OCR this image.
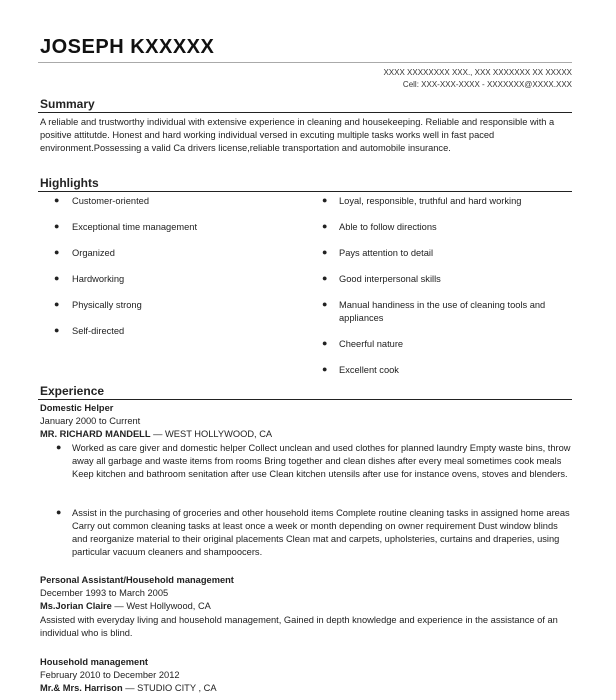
JOSEPH KXXXXX
XXXX XXXXXXXX XXX., XXX XXXXXXX XX XXXXX
Cell: XXX-XXX-XXXX - XXXXXXX@XXXX.XXX
Summary
A reliable and trustworthy individual with extensive experience in cleaning and housekeeping. Reliable and responsible with a positive attitutde. Honest and hard working individual versed in excuting multiple tasks works well in fast paced environment.Possessing a valid Ca drivers license,reliable transportation and automobile insurance.
Highlights
● Customer-oriented
● Exceptional time management
● Organized
● Hardworking
● Physically strong
● Self-directed
● Loyal, responsible, truthful and hard working
● Able to follow directions
● Pays attention to detail
● Good interpersonal skills
● Manual handiness in the use of cleaning tools and appliances
● Cheerful nature
● Excellent cook
Experience
Domestic Helper
January 2000 to Current
MR. RICHARD MANDELL — WEST HOLLYWOOD, CA
● Worked as care giver and domestic helper Collect unclean and used clothes for planned laundry Empty waste bins, throw away all garbage and waste items from rooms Bring together and clean dishes after every meal sometimes cook meals Keep kitchen and bathroom senitation after use Clean kitchen utensils after use for instance ovens, stoves and blenders.
● Assist in the purchasing of groceries and other household items Complete routine cleaning tasks in assigned home areas Carry out common cleaning tasks at least once a week or month depending on owner requirement Dust window blinds and reorganize material to their original placements Clean mat and carpets, upholsteries, curtains and draperies, using particular vacuum cleaners and shampoocers.
Personal Assistant/Household management
December 1993 to March 2005
Ms.Jorian Claire — West Hollywood, CA
Assisted with everyday living and household management, Gained in depth knowledge and experience in the assistance of an individual who is blind.
Household management
February 2010 to December 2012
Mr.& Mrs. Harrison — STUDIO CITY , CA
